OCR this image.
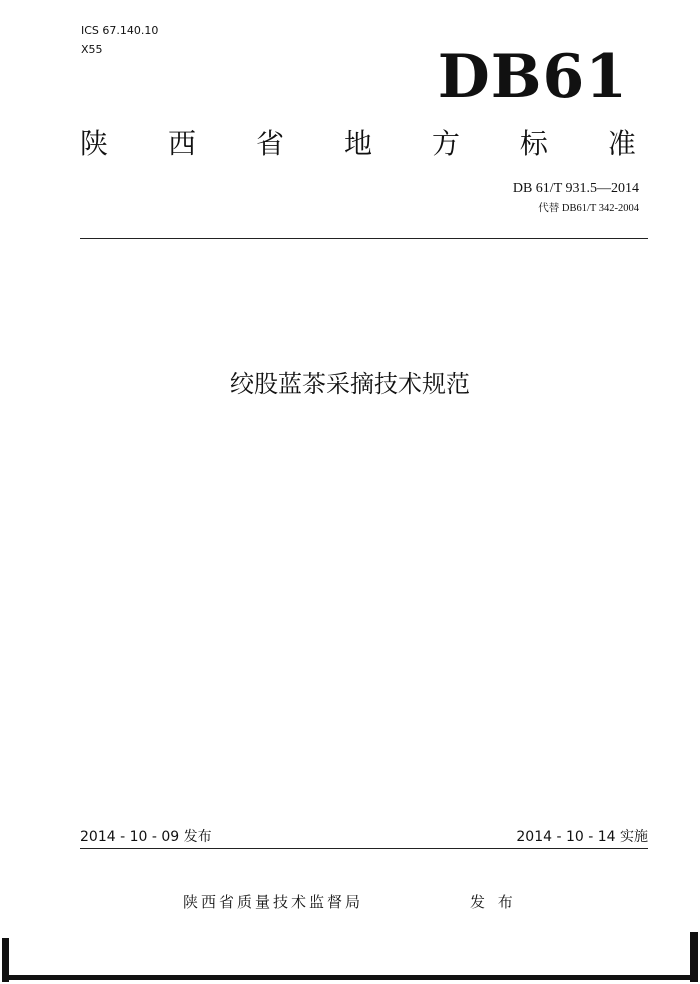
ICS 67.140.10
X55	DB61
陕 西 省 地 方 标 准
DB 61/T 931.5—2014
代替 DB61/T 342-2004
绞股蓝茶采摘技术规范
2014 - 10 - 09 发布	2014 - 10 - 14 实施
陕西省质量技术监督局	发 布
